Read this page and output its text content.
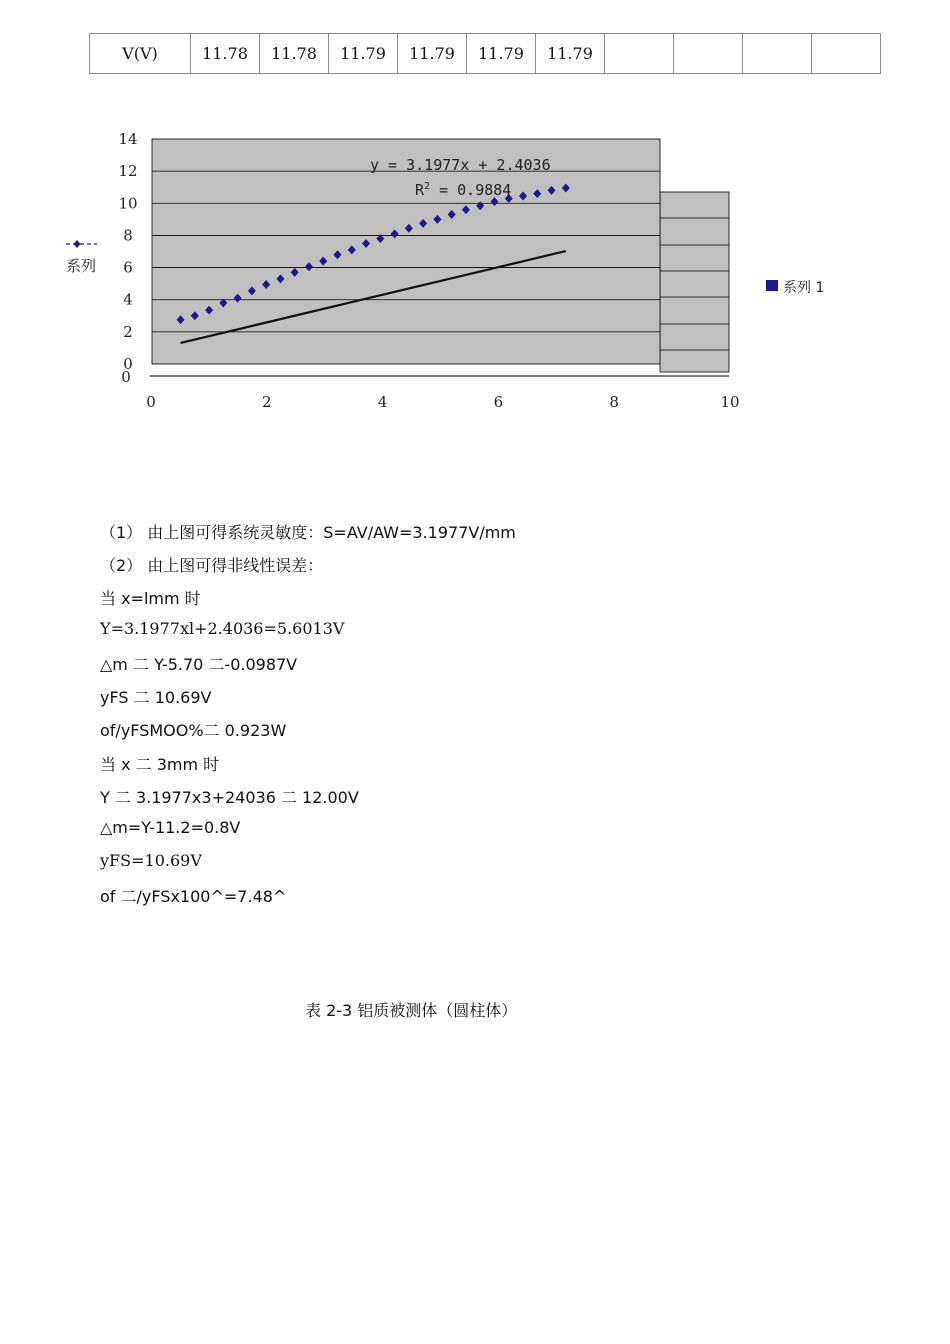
V(V)	11.78	11.78	11.79	11.79	11.79	11.79				
0	2	4	6	8	10
0
2
4
6
8
10
12
14
0
y = 3.1977x + 2.4036
$R^2 = 0.9884$
系列
系列 1
（1） 由上图可得系统灵敏度：S=AV/AW=3.1977V/mm
（2） 由上图可得非线性误差：
当 x=lmm 时
Y=3.1977xl+2.4036=5.6013V
△m 二 Y-5.70 二-0.0987V
yFS 二 10.69V
of/yFSMOO%二 0.923W
当 x 二 3mm 时
Y 二 3.1977x3+24036 二 12.00V
△m=Y-11.2=0.8V
yFS=10.69V
of 二/yFSx100^=7.48^
表 2-3 铝质被测体（圆柱体）
